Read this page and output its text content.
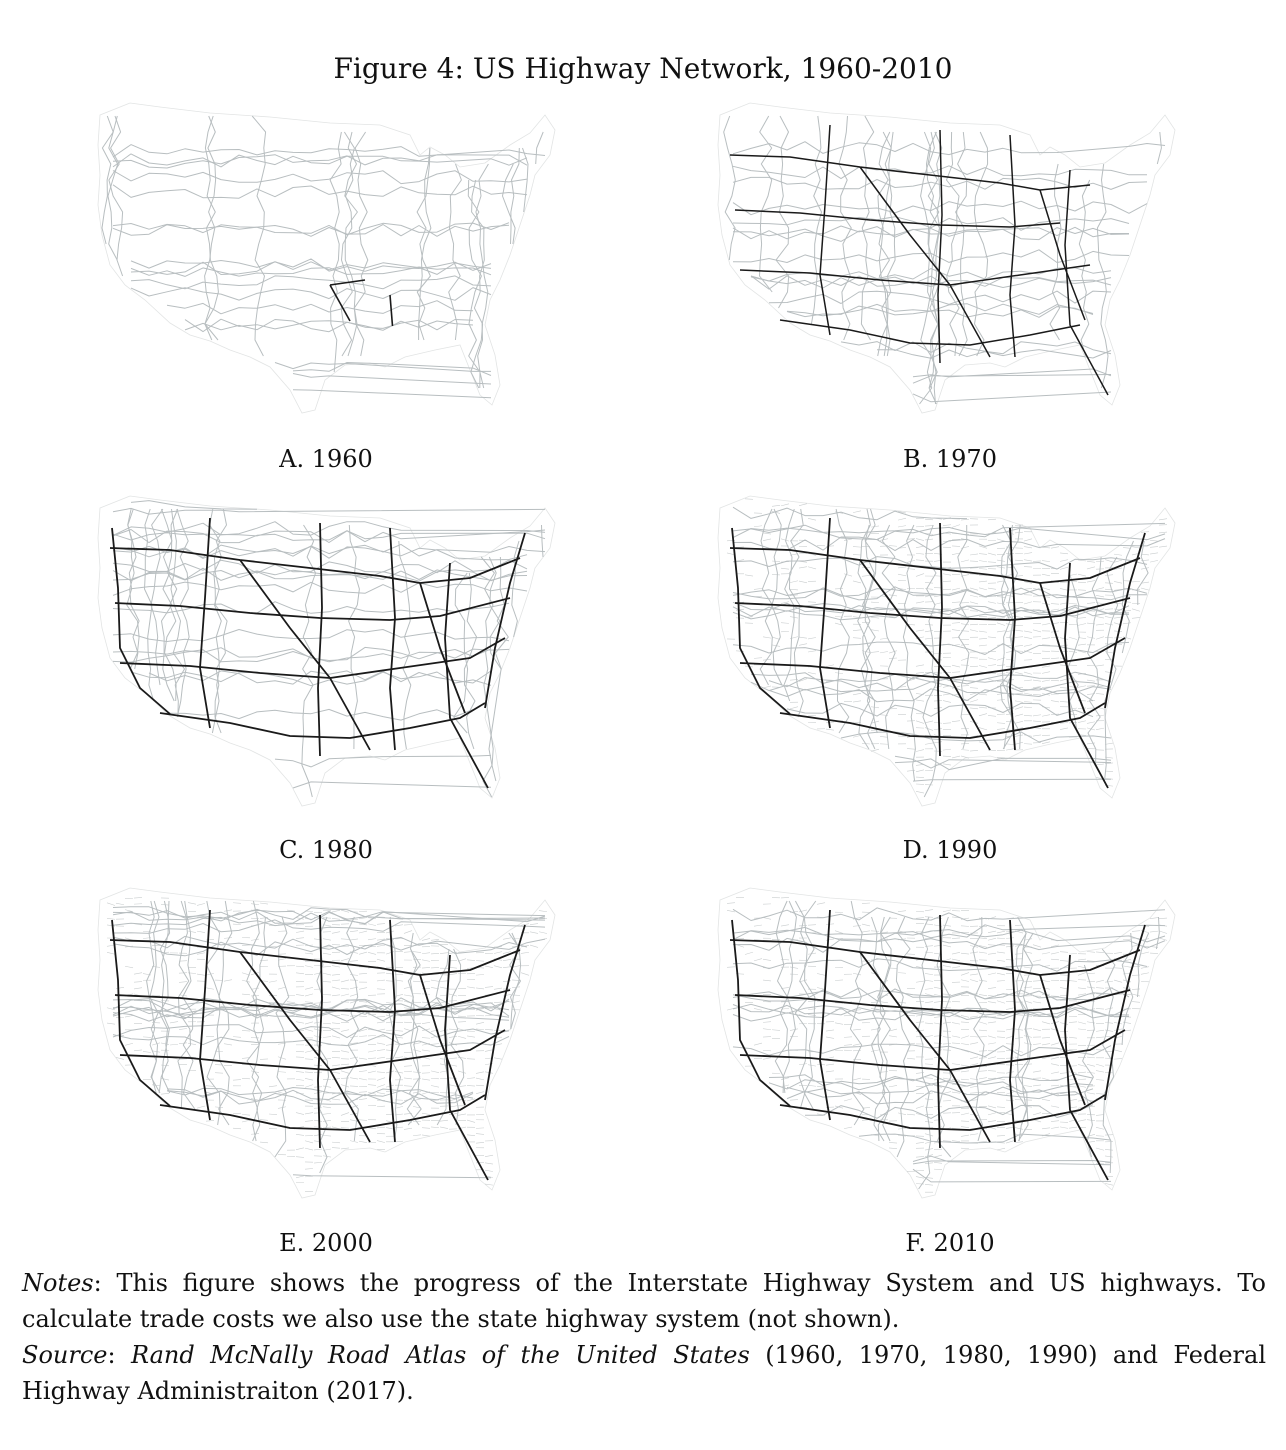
Figure 4: US Highway Network, 1960-2010
A. 1960	B. 1970
C. 1980	D. 1990
E. 2000	F. 2010

Notes: This figure shows the progress of the Interstate Highway System and US highways. To calculate trade costs we also use the state highway system (not shown).

Source: Rand McNally Road Atlas of the United States (1960, 1970, 1980, 1990) and Federal Highway Administraiton (2017).
